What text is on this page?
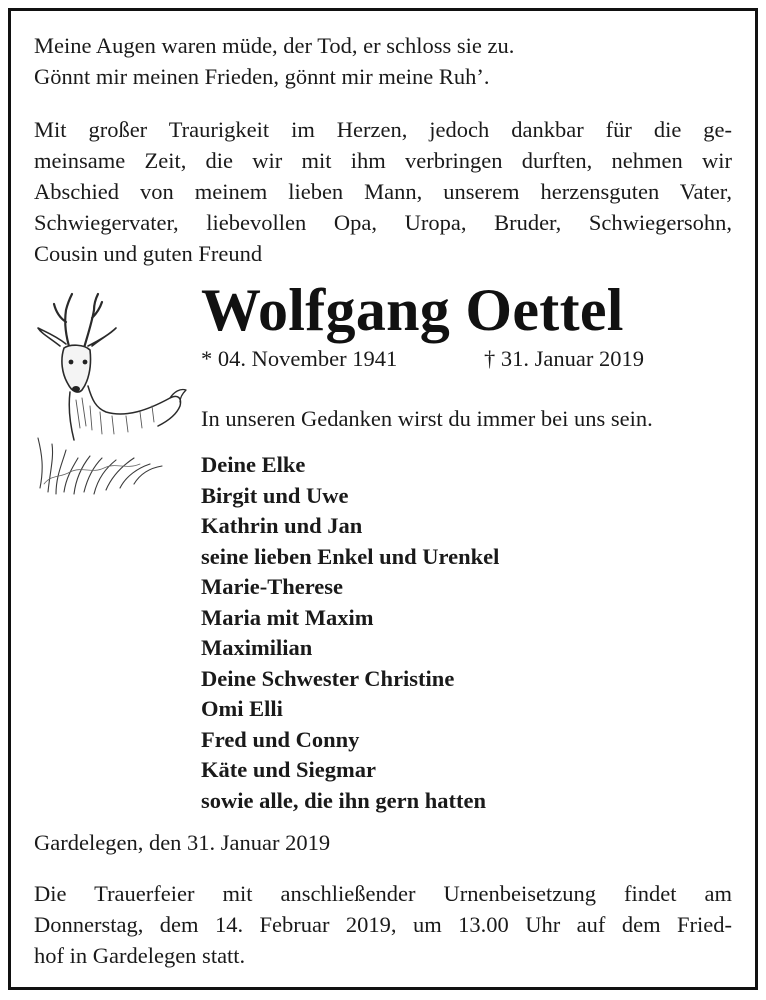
Meine Augen waren müde, der Tod, er schloss sie zu.
Gönnt mir meinen Frieden, gönnt mir meine Ruh’.
Mit großer Traurigkeit im Herzen, jedoch dankbar für die ge-
meinsame Zeit, die wir mit ihm verbringen durften, nehmen wir
Abschied von meinem lieben Mann, unserem herzensguten Vater,
Schwiegervater, liebevollen Opa, Uropa, Bruder, Schwiegersohn,
Cousin und guten Freund
Wolfgang Oettel
* 04. November 1941	† 31. Januar 2019
In unseren Gedanken wirst du immer bei uns sein.
Deine Elke
Birgit und Uwe
Kathrin und Jan
seine lieben Enkel und Urenkel
Marie-Therese
Maria mit Maxim
Maximilian
Deine Schwester Christine
Omi Elli
Fred und Conny
Käte und Siegmar
sowie alle, die ihn gern hatten
Gardelegen, den 31. Januar 2019
Die Trauerfeier mit anschließender Urnenbeisetzung findet am
Donnerstag, dem 14. Februar 2019, um 13.00 Uhr auf dem Fried-
hof in Gardelegen statt.
